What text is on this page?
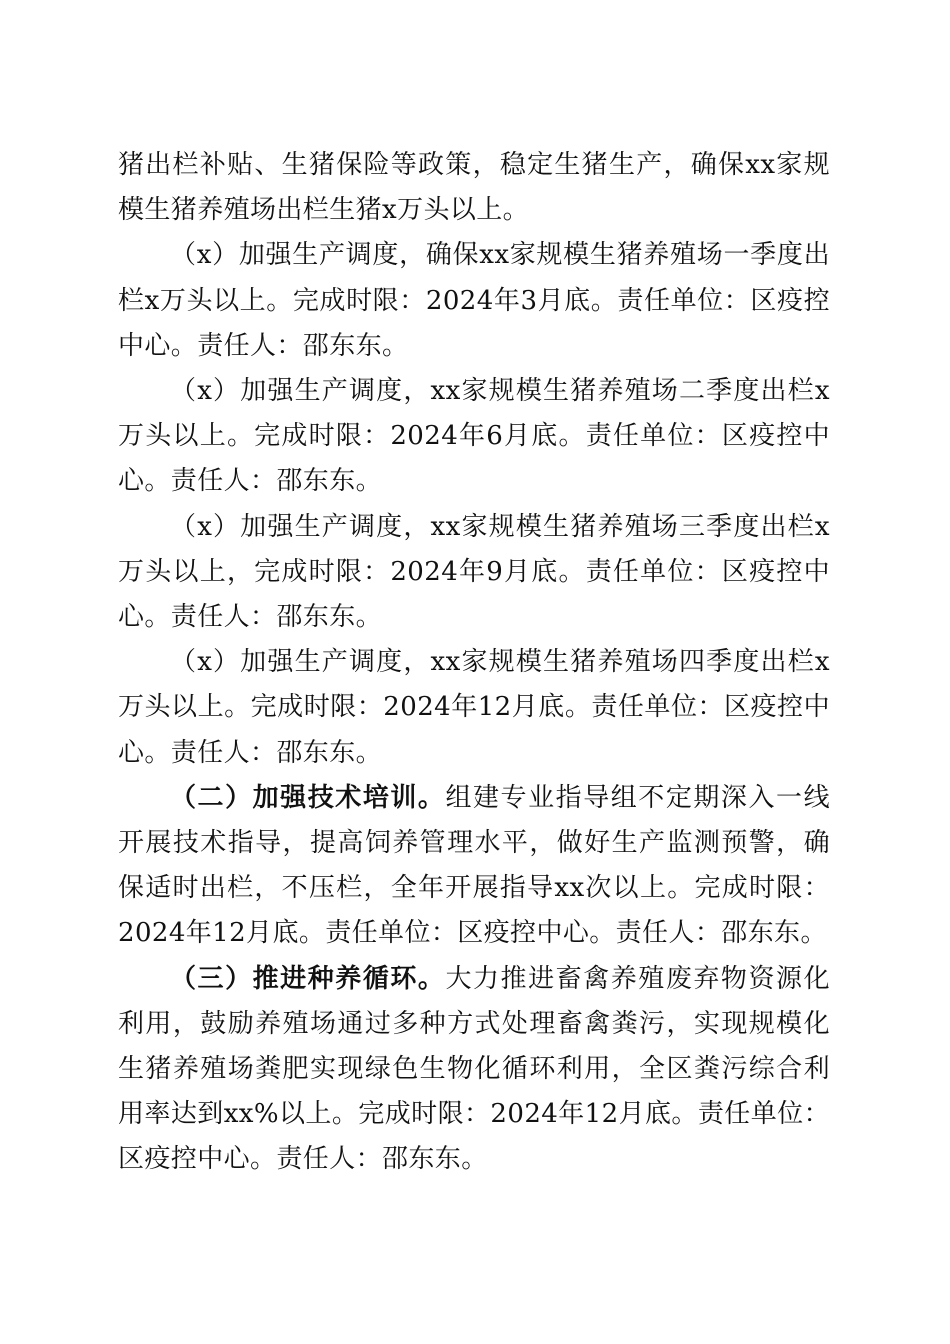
猪出栏补贴、生猪保险等政策，稳定生猪生产，确保xx家规模生猪养殖场出栏生猪x万头以上。

（x）加强生产调度，确保xx家规模生猪养殖场一季度出栏x万头以上。完成时限：2024年3月底。责任单位：区疫控中心。责任人：邵东东。

（x）加强生产调度，xx家规模生猪养殖场二季度出栏x万头以上。完成时限：2024年6月底。责任单位：区疫控中心。责任人：邵东东。

（x）加强生产调度，xx家规模生猪养殖场三季度出栏x万头以上，完成时限：2024年9月底。责任单位：区疫控中心。责任人：邵东东。

（x）加强生产调度，xx家规模生猪养殖场四季度出栏x万头以上。完成时限：2024年12月底。责任单位：区疫控中心。责任人：邵东东。

（二）加强技术培训。组建专业指导组不定期深入一线开展技术指导，提高饲养管理水平，做好生产监测预警，确保适时出栏，不压栏，全年开展指导xx次以上。完成时限：2024年12月底。责任单位：区疫控中心。责任人：邵东东。

（三）推进种养循环。大力推进畜禽养殖废弃物资源化利用，鼓励养殖场通过多种方式处理畜禽粪污，实现规模化生猪养殖场粪肥实现绿色生物化循环利用，全区粪污综合利用率达到xx%以上。完成时限：2024年12月底。责任单位：区疫控中心。责任人：邵东东。
